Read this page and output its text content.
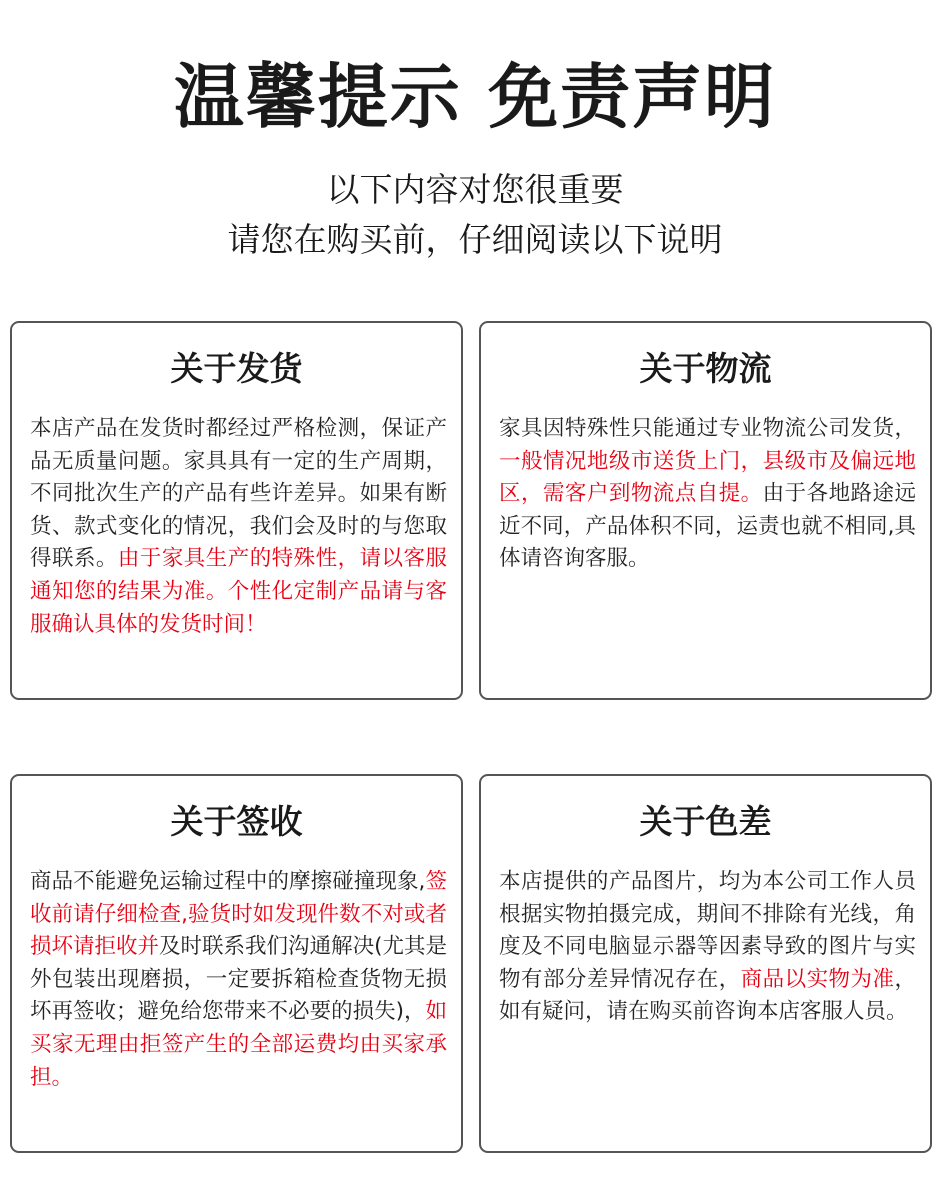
温馨提示 免责声明

以下内容对您很重要

请您在购买前，仔细阅读以下说明

关于发货

本店产品在发货时都经过严格检测，保证产品无质量问题。家具具有一定的生产周期，不同批次生产的产品有些许差异。如果有断货、款式变化的情况，我们会及时的与您取得联系。由于家具生产的特殊性，请以客服通知您的结果为准。个性化定制产品请与客服确认具体的发货时间！

关于物流

家具因特殊性只能通过专业物流公司发货，一般情况地级市送货上门，县级市及偏远地区，需客户到物流点自提。由于各地路途远近不同，产品体积不同，运责也就不相同,具体请咨询客服。

关于签收

商品不能避免运输过程中的摩擦碰撞现象,签收前请仔细检查,验货时如发现件数不对或者损坏请拒收并及时联系我们沟通解决(尤其是外包装出现磨损，一定要拆箱检查货物无损坏再签收；避免给您带来不必要的损失)，如买家无理由拒签产生的全部运费均由买家承担。

关于色差

本店提供的产品图片，均为本公司工作人员根据实物拍摄完成，期间不排除有光线，角度及不同电脑显示器等因素导致的图片与实物有部分差异情况存在，商品以实物为准，如有疑问，请在购买前咨询本店客服人员。
